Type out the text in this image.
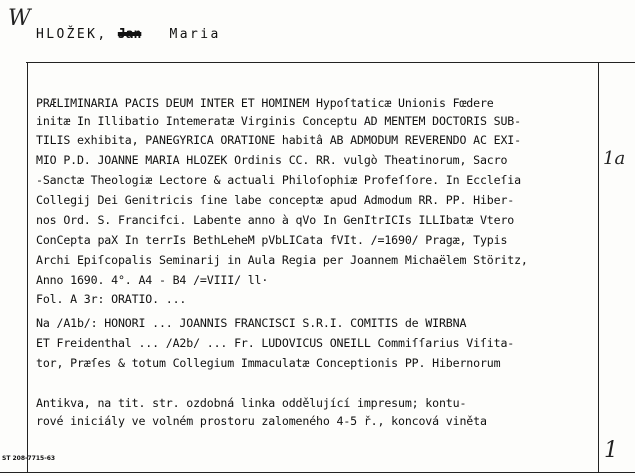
W
1a
1
HLOŽEK, Jan Maria
PRÆLIMINARIA PACIS DEUM INTER ET HOMINEM Hypoſtaticæ Unionis Fœdere
initæ In Illibatio Intemeratæ Virginis Conceptu AD MENTEM DOCTORIS SUB-
TILIS exhibita, PANEGYRICA ORATIONE habitâ AB ADMODUM REVERENDO AC EXI-
MIO P.D. JOANNE MARIA HLOZEK Ordinis CC. RR. vulgò Theatinorum, Sacro
-Sanctæ Theologiæ Lectore & actuali Philoſophiæ Profeſſore. In Eccleſia
Collegij Dei Genitricis ſine labe conceptæ apud Admodum RR. PP. Hiber-
nos Ord. S. Francifci. Labente anno à qVo In GenItrICIs ILLIbatæ Vtero
ConCepta paX In terrIs BethLeheM pVbLICata fVIt. /=1690/ Pragæ, Typis
Archi Epiſcopalis Seminarij in Aula Regia per Joannem Michaëlem Störitz,
Anno 1690. 4°. A4 - B4 /=VIII/ ll·
Fol. A 3r: ORATIO. ...
Na /A1b/: HONORI ... JOANNIS FRANCISCI S.R.I. COMITIS de WIRBNA
ET Freidenthal ... /A2b/ ... Fr. LUDOVICUS ONEILL Commiſſarius Viſita-
tor, Præſes & totum Collegium Immaculatæ Conceptionis PP. Hibernorum
Antikva, na tit. str. ozdobná linka oddělující impresum; kontu-
rové iniciály ve volném prostoru zalomeného 4-5 ř., koncová viněta
ST 208-7715-63
